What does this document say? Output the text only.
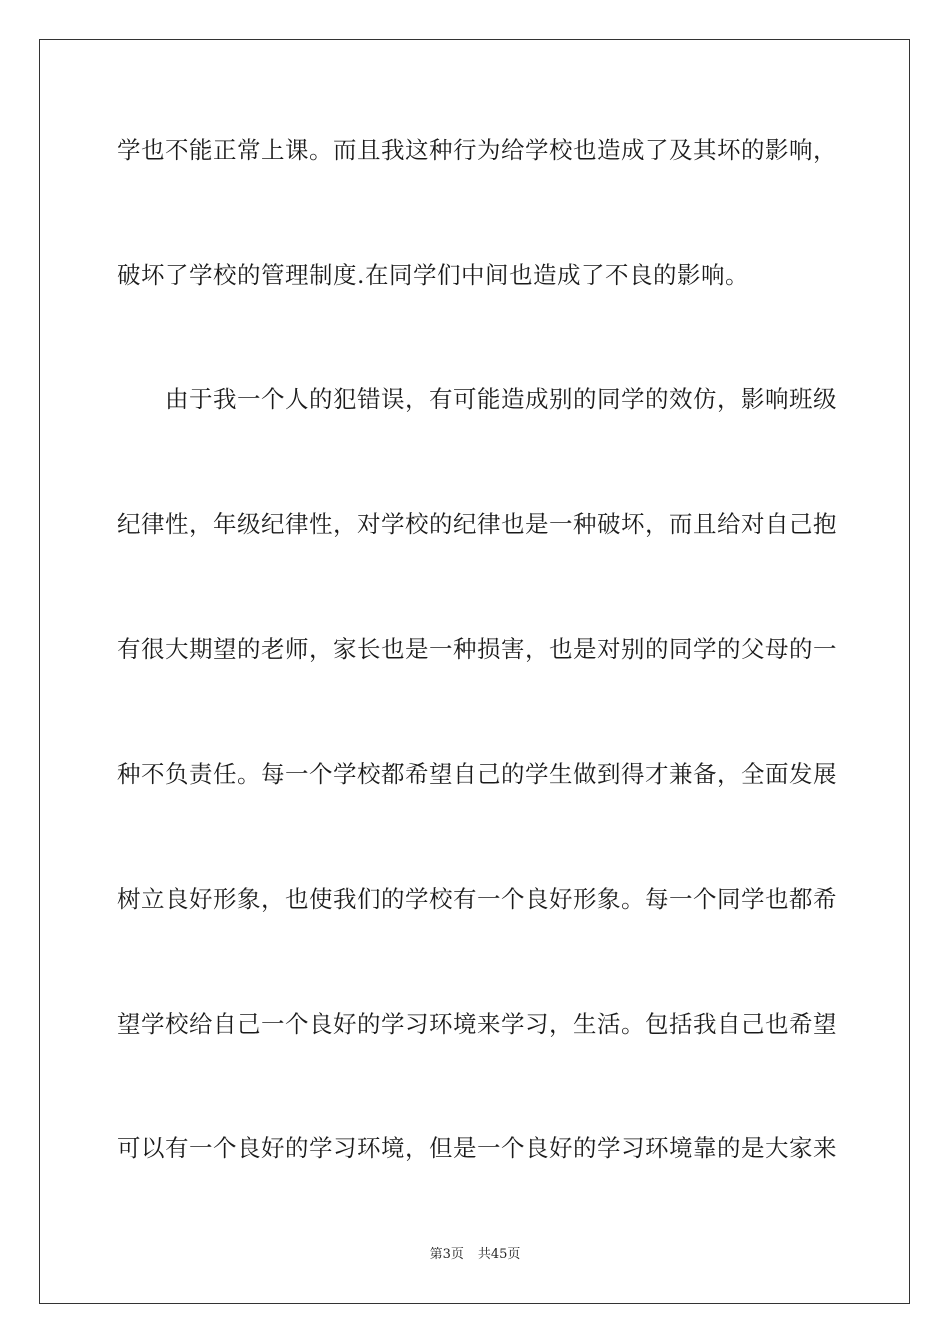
学也不能正常上课。而且我这种行为给学校也造成了及其坏的影响，
破坏了学校的管理制度.在同学们中间也造成了不良的影响。
由于我一个人的犯错误，有可能造成别的同学的效仿，影响班级
纪律性，年级纪律性，对学校的纪律也是一种破坏，而且给对自己抱
有很大期望的老师，家长也是一种损害，也是对别的同学的父母的一
种不负责任。每一个学校都希望自己的学生做到得才兼备，全面发展
树立良好形象，也使我们的学校有一个良好形象。每一个同学也都希
望学校给自己一个良好的学习环境来学习，生活。包括我自己也希望
可以有一个良好的学习环境，但是一个良好的学习环境靠的是大家来
第3页 共45页
